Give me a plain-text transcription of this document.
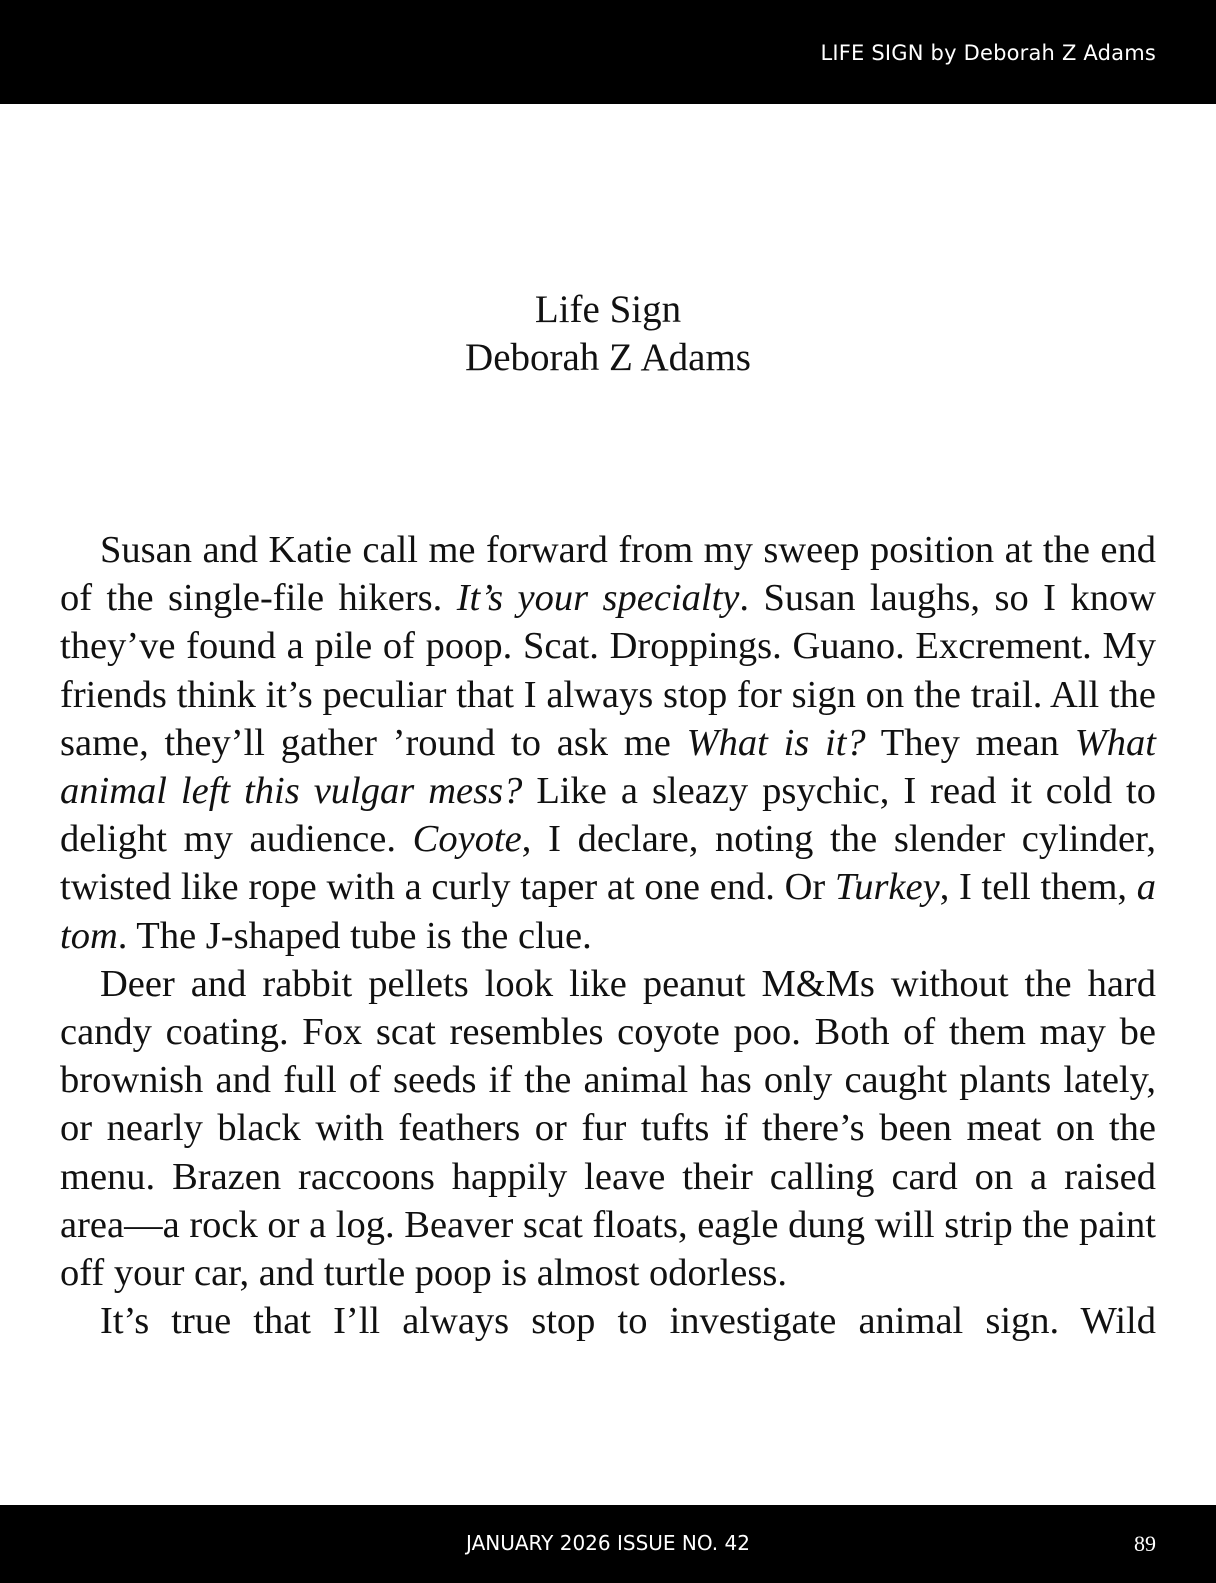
LIFE SIGN by Deborah Z Adams
Life Sign
Deborah Z Adams

Susan and Katie call me forward from my sweep position at the end of the single-file hikers. It’s your specialty. Susan laughs, so I know they’ve found a pile of poop. Scat. Droppings. Guano. Excrement. My friends think it’s peculiar that I always stop for sign on the trail. All the same, they’ll gather ’round to ask me What is it? They mean What animal left this vulgar mess? Like a sleazy psychic, I read it cold to delight my audience. Coyote, I declare, noting the slender cylinder, twisted like rope with a curly taper at one end. Or Turkey, I tell them, a tom. The J-shaped tube is the clue.

Deer and rabbit pellets look like peanut M&Ms without the hard candy coating. Fox scat resembles coyote poo. Both of them may be brownish and full of seeds if the animal has only caught plants lately, or nearly black with feathers or fur tufts if there’s been meat on the menu. Brazen raccoons happily leave their calling card on a raised area—a rock or a log. Beaver scat floats, eagle dung will strip the paint off your car, and turtle poop is almost odorless.

It’s true that I’ll always stop to investigate animal sign. Wild

JANUARY 2026 ISSUE NO. 42	89
